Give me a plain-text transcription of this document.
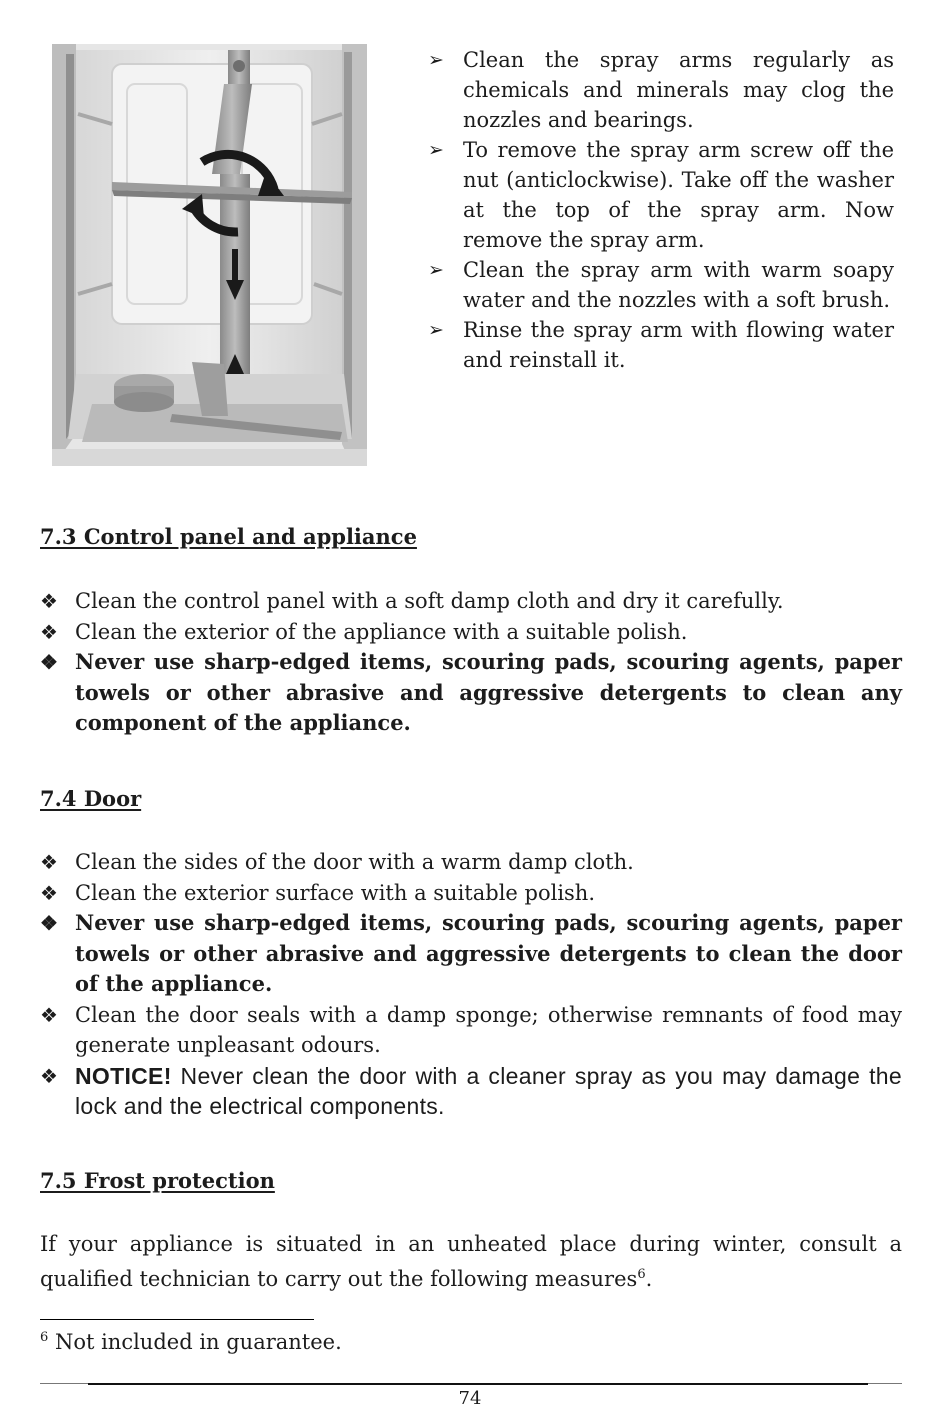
➢ Clean the spray arms regularly as chemicals and minerals may clog the nozzles and bearings.
➢ To remove the spray arm screw off the nut (anticlockwise). Take off the washer at the top of the spray arm. Now remove the spray arm.
➢ Clean the spray arm with warm soapy water and the nozzles with a soft brush.
➢ Rinse the spray arm with flowing water and reinstall it.
7.3 Control panel and appliance
❖ Clean the control panel with a soft damp cloth and dry it carefully.
❖ Clean the exterior of the appliance with a suitable polish.
❖ Never use sharp-edged items, scouring pads, scouring agents, paper towels or other abrasive and aggressive detergents to clean any component of the appliance.
7.4 Door
❖ Clean the sides of the door with a warm damp cloth.
❖ Clean the exterior surface with a suitable polish.
❖ Never use sharp-edged items, scouring pads, scouring agents, paper towels or other abrasive and aggressive detergents to clean the door of the appliance.
❖ Clean the door seals with a damp sponge; otherwise remnants of food may generate unpleasant odours.
❖ NOTICE! Never clean the door with a cleaner spray as you may damage the lock and the electrical components.
7.5 Frost protection

If your appliance is situated in an unheated place during winter, consult a qualified technician to carry out the following measures$^6$.

$^6$ Not included in guarantee.
74
